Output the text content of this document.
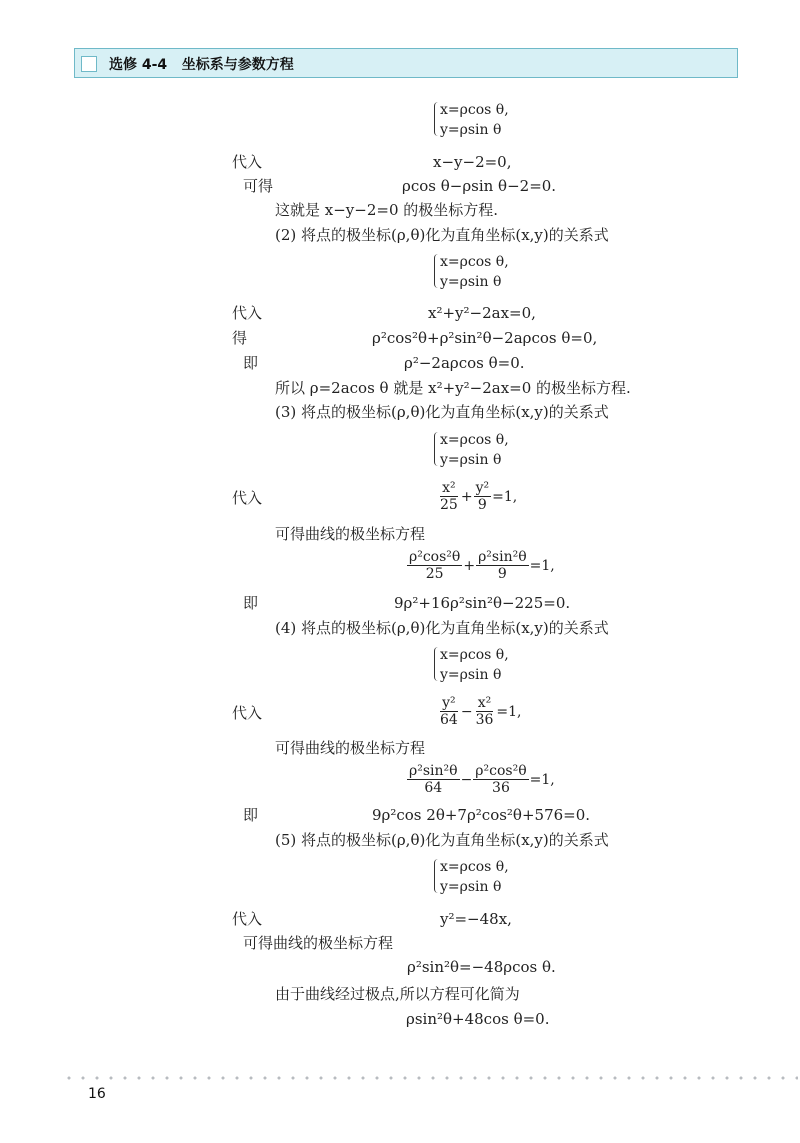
选修 4-4   坐标系与参数方程
x=ρcos θ,
y=ρsin θ
代入	x−y−2=0,
可得	ρcos θ−ρsin θ−2=0.
这就是 x−y−2=0 的极坐标方程.
(2) 将点的极坐标(ρ,θ)化为直角坐标(x,y)的关系式
x=ρcos θ,
y=ρsin θ
代入	x²+y²−2ax=0,
得	ρ²cos²θ+ρ²sin²θ−2aρcos θ=0,
即	ρ²−2aρcos θ=0.
所以 ρ=2acos θ 就是 x²+y²−2ax=0 的极坐标方程.
(3) 将点的极坐标(ρ,θ)化为直角坐标(x,y)的关系式
x=ρcos θ,
y=ρsin θ
代入	$\frac{\text{x²}}{25} + \frac{\text{y²}}{9} =1$,
可得曲线的极坐标方程
$\frac{\text{ρ²cos²θ}}{25} + \frac{\text{ρ²sin²θ}}{9} =1$,
即	9ρ²+16ρ²sin²θ−225=0.
(4) 将点的极坐标(ρ,θ)化为直角坐标(x,y)的关系式
x=ρcos θ,
y=ρsin θ
代入	$\frac{\text{y²}}{64} - \frac{\text{x²}}{36} =1$,
可得曲线的极坐标方程
$\frac{\text{ρ²sin²θ}}{64} - \frac{\text{ρ²cos²θ}}{36} =1$,
即	9ρ²cos 2θ+7ρ²cos²θ+576=0.
(5) 将点的极坐标(ρ,θ)化为直角坐标(x,y)的关系式
x=ρcos θ,
y=ρsin θ
代入	y²=−48x,
可得曲线的极坐标方程
ρ²sin²θ=−48ρcos θ.
由于曲线经过极点,所以方程可化简为
ρsin²θ+48cos θ=0.
16
